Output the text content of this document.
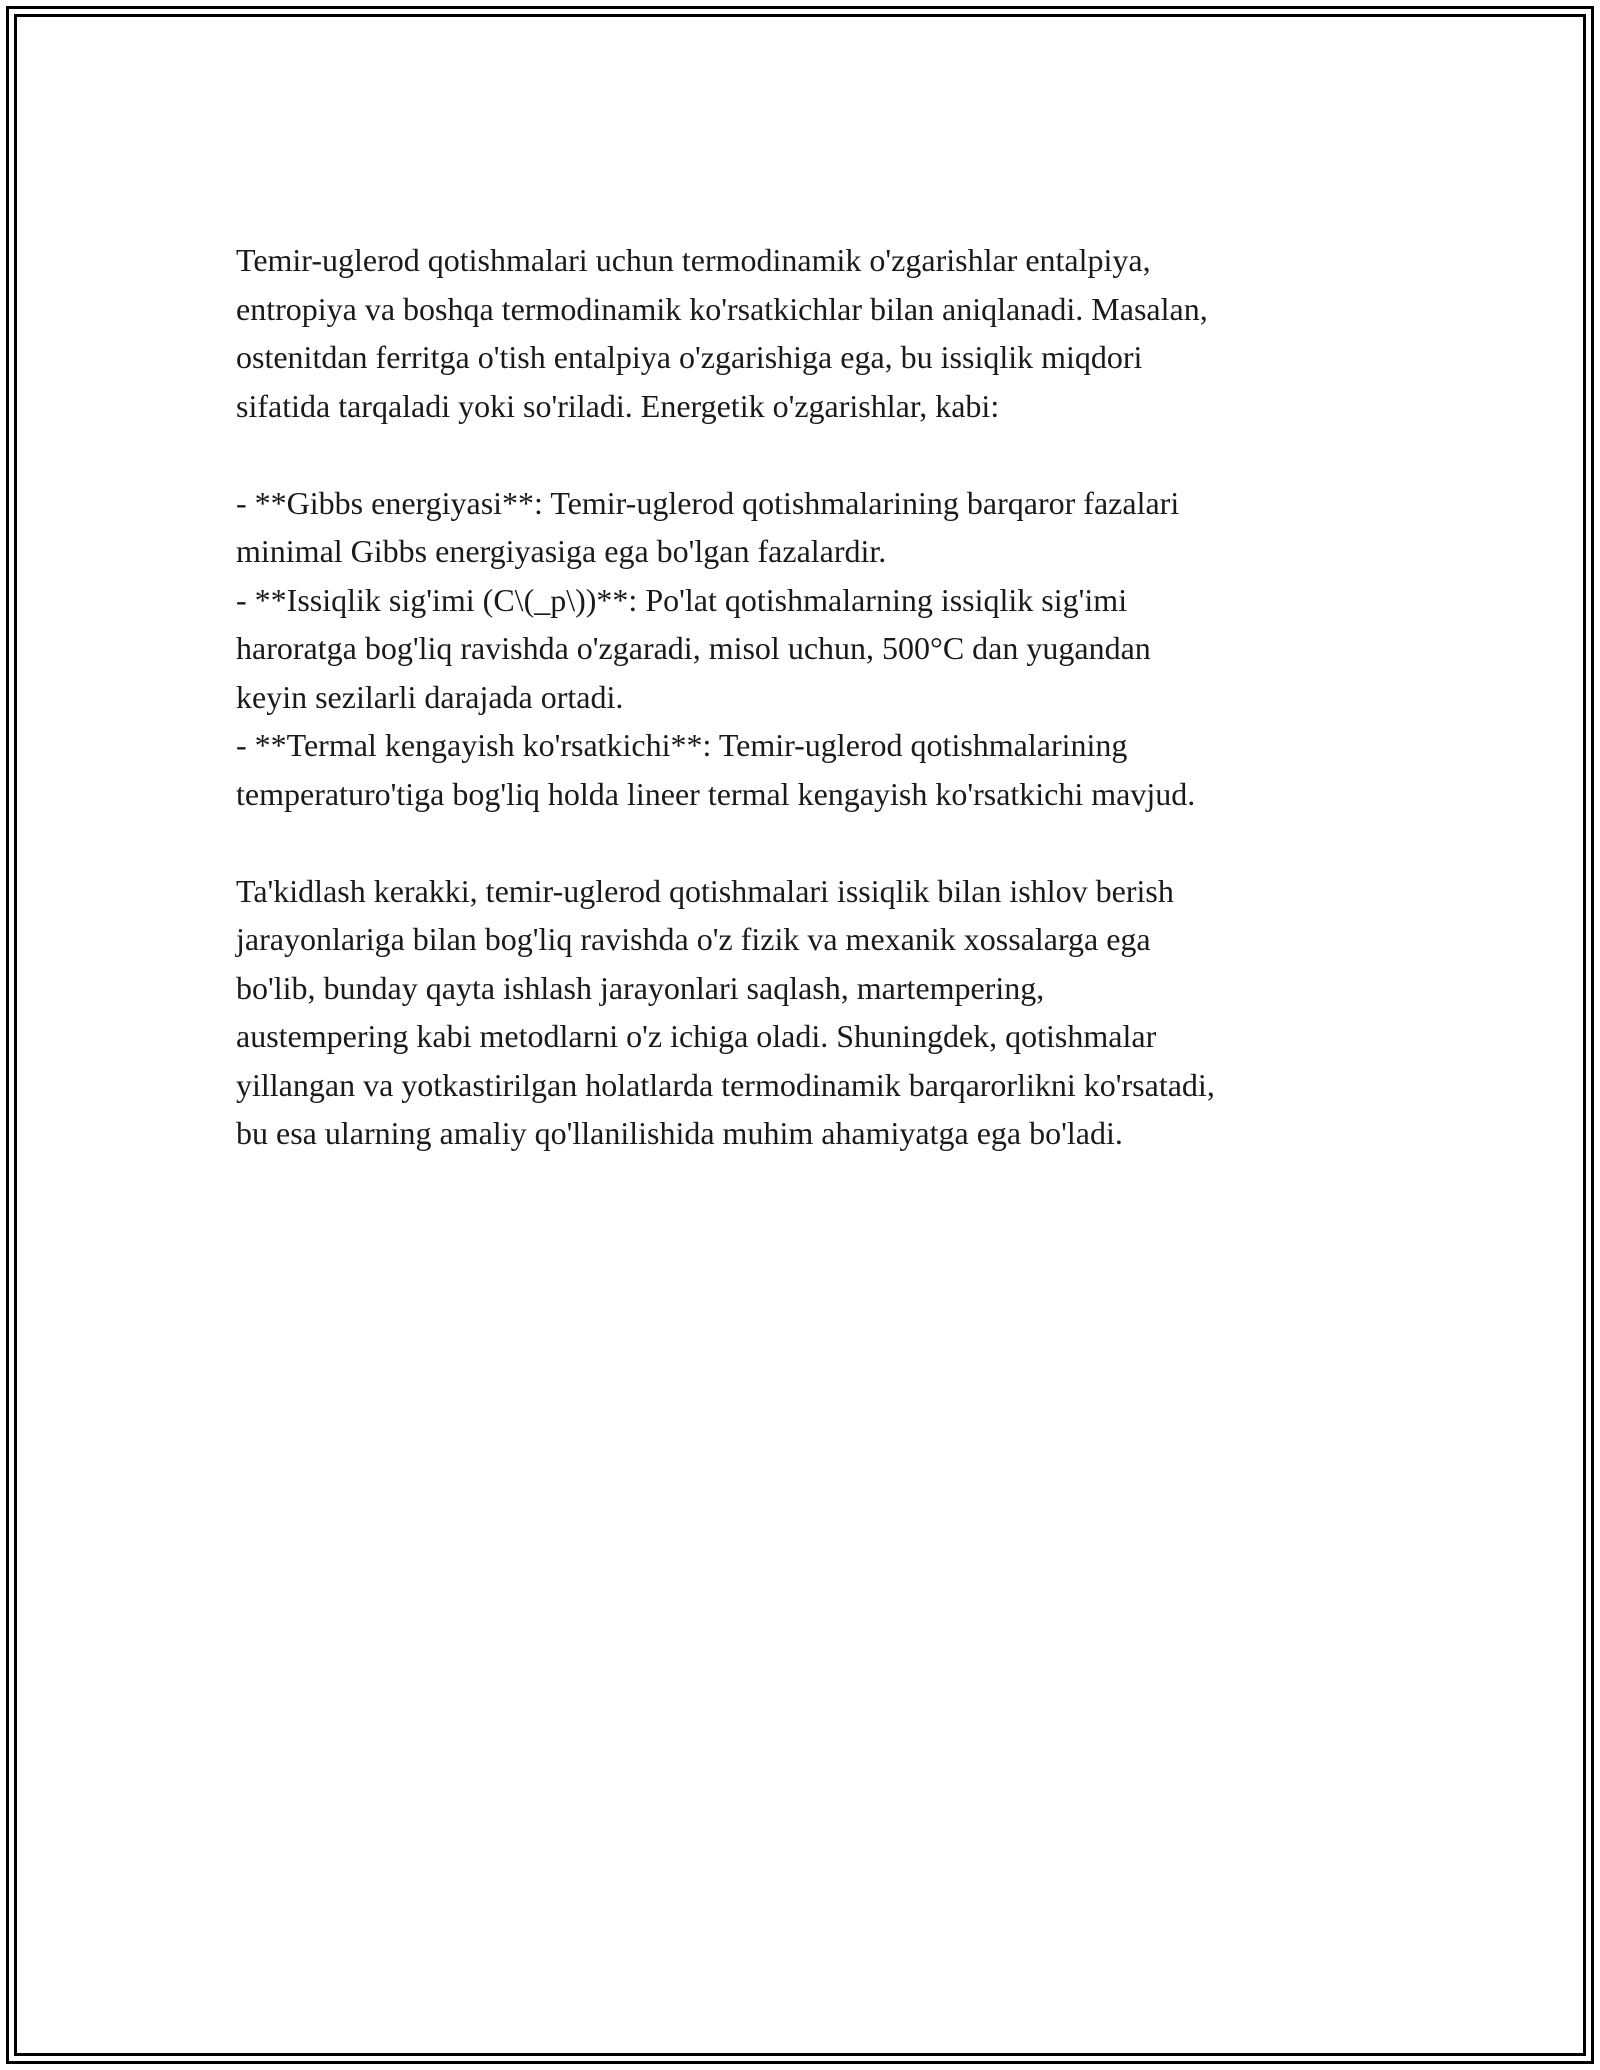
Temir-uglerod qotishmalari uchun termodinamik o'zgarishlar entalpiya,
entropiya va boshqa termodinamik ko'rsatkichlar bilan aniqlanadi. Masalan,
ostenitdan ferritga o'tish entalpiya o'zgarishiga ega, bu issiqlik miqdori
sifatida tarqaladi yoki so'riladi. Energetik o'zgarishlar, kabi:

- **Gibbs energiyasi**: Temir-uglerod qotishmalarining barqaror fazalari
minimal Gibbs energiyasiga ega bo'lgan fazalardir.
- **Issiqlik sig'imi (C\(_p\))**: Po'lat qotishmalarning issiqlik sig'imi
haroratga bog'liq ravishda o'zgaradi, misol uchun, 500°C dan yugandan
keyin sezilarli darajada ortadi.
- **Termal kengayish ko'rsatkichi**: Temir-uglerod qotishmalarining
temperaturo'tiga bog'liq holda lineer termal kengayish ko'rsatkichi mavjud.

Ta'kidlash kerakki, temir-uglerod qotishmalari issiqlik bilan ishlov berish
jarayonlariga bilan bog'liq ravishda o'z fizik va mexanik xossalarga ega
bo'lib, bunday qayta ishlash jarayonlari saqlash, martempering,
austempering kabi metodlarni o'z ichiga oladi. Shuningdek, qotishmalar
yillangan va yotkastirilgan holatlarda termodinamik barqarorlikni ko'rsatadi,
bu esa ularning amaliy qo'llanilishida muhim ahamiyatga ega bo'ladi.
